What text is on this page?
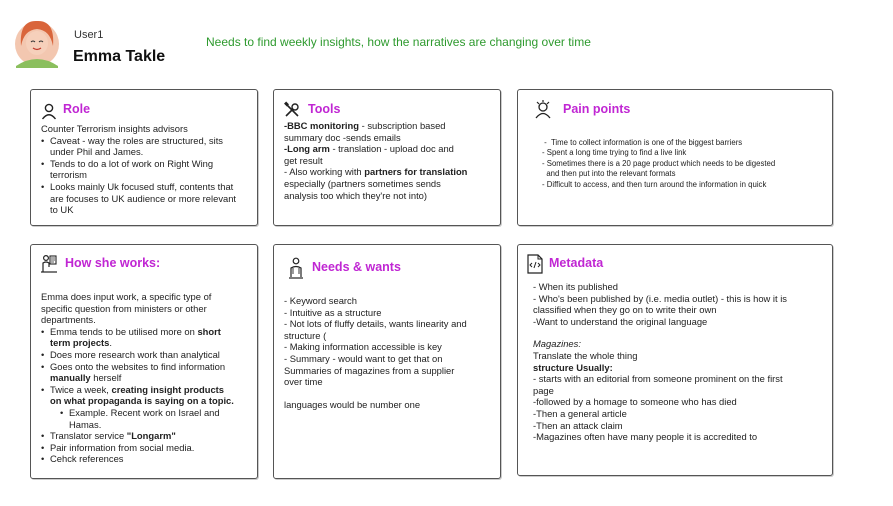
User1
Emma Takle
Needs to find weekly insights, how the narratives are changing over time
Role
Counter Terrorism insights advisors
• Caveat - way the roles are structured, sits
under Phil and James.
• Tends to do a lot of work on Right Wing
terrorism
• Looks mainly Uk focused stuff, contents that
are focuses to UK audience or more relevant
to UK
Tools
-BBC monitoring - subscription based
summary doc -sends emails
-Long arm - translation - upload doc and
get result
- Also working with partners for translation
especially (partners sometimes sends
analysis too which they're not into)
Pain points
-  Time to collect information is one of the biggest barriers
- Spent a long time trying to find a live link
- Sometimes there is a 20 page product which needs to be digested
and then put into the relevant formats
- Difficult to access, and then turn around the information in quick
How she works:
Emma does input work, a specific type of
specific question from ministers or other
departments.
• Emma tends to be utilised more on short
term projects.
• Does more research work than analytical
• Goes onto the websites to find information
manually herself
• Twice a week, creating insight products
on what propaganda is saying on a topic.
• Example. Recent work on Israel and
Hamas.
• Translator service "Longarm"
• Pair information from social media.
• Cehck references
Needs & wants
- Keyword search
- Intuitive as a structure
- Not lots of fluffy details, wants linearity and
structure (
- Making information accessible is key
- Summary - would want to get that on
Summaries of magazines from a supplier
over time
languages would be number one
Metadata
- When its published
- Who's been published by (i.e. media outlet) - this is how it is
classified when they go on to write their own
-Want to understand the original language
Magazines:
Translate the whole thing
structure Usually:
- starts with an editorial from someone prominent on the first
page
-followed by a homage to someone who has died
-Then a general article
-Then an attack claim
-Magazines often have many people it is accredited to
